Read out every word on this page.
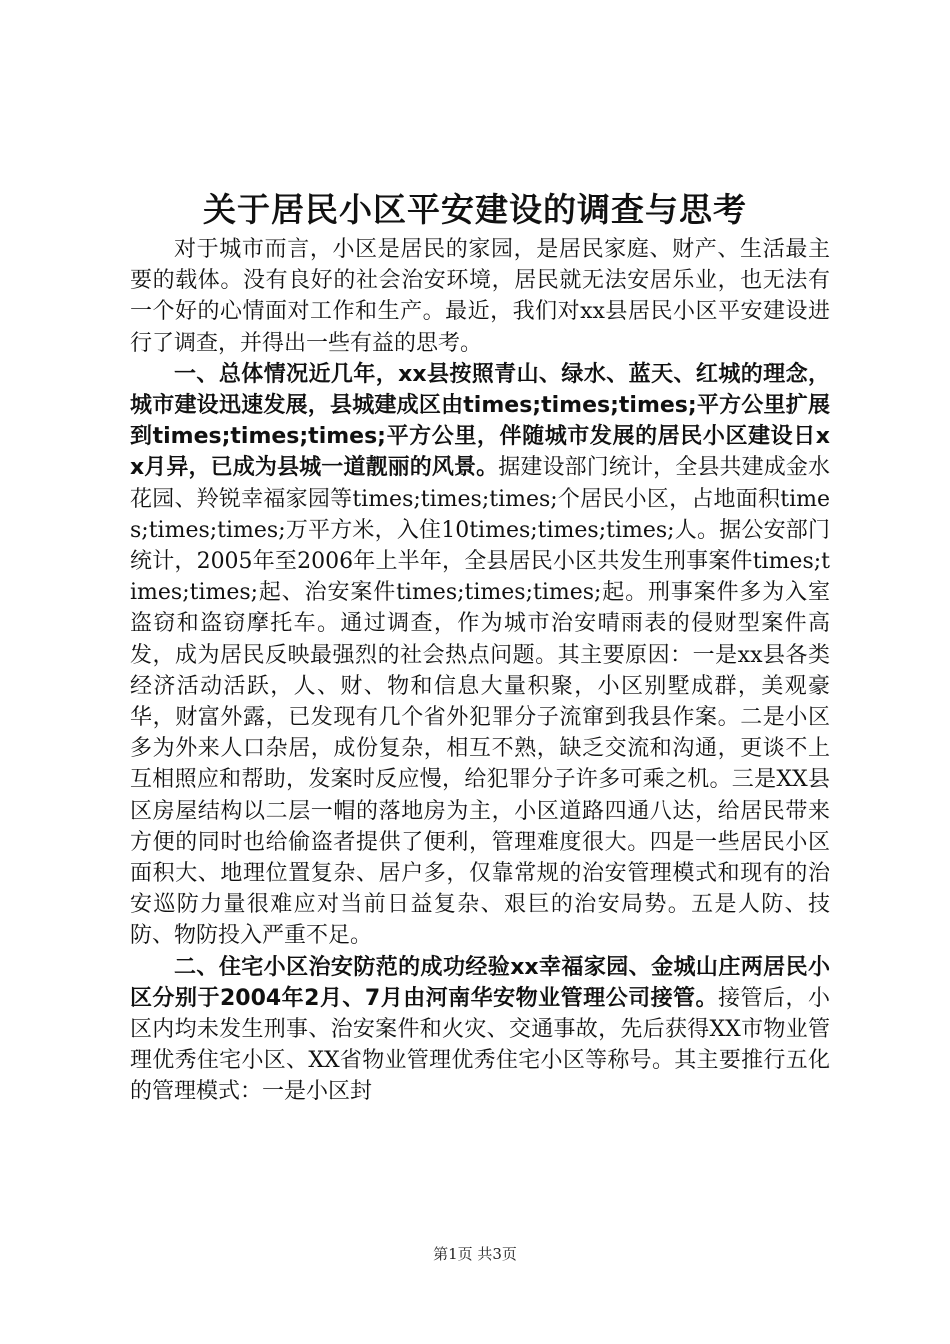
关于居民小区平安建设的调查与思考

对于城市而言，小区是居民的家园，是居民家庭、财产、生活最主要的载体。没有良好的社会治安环境，居民就无法安居乐业，也无法有一个好的心情面对工作和生产。最近，我们对xx县居民小区平安建设进行了调查，并得出一些有益的思考。

一、总体情况近几年，xx县按照青山、绿水、蓝天、红城的理念，城市建设迅速发展，县城建成区由times;times;times;平方公里扩展到times;times;times;平方公里，伴随城市发展的居民小区建设日xx月异，已成为县城一道靓丽的风景。据建设部门统计，全县共建成金水花园、羚锐幸福家园等times;times;times;个居民小区，占地面积times;times;times;万平方米，入住10times;times;times;人。据公安部门统计，2005年至2006年上半年，全县居民小区共发生刑事案件times;times;times;起、治安案件times;times;times;起。刑事案件多为入室盗窃和盗窃摩托车。通过调查，作为城市治安晴雨表的侵财型案件高发，成为居民反映最强烈的社会热点问题。其主要原因：一是xx县各类经济活动活跃，人、财、物和信息大量积聚，小区别墅成群，美观豪华，财富外露，已发现有几个省外犯罪分子流窜到我县作案。二是小区多为外来人口杂居，成份复杂，相互不熟，缺乏交流和沟通，更谈不上互相照应和帮助，发案时反应慢，给犯罪分子许多可乘之机。三是XX县区房屋结构以二层一帽的落地房为主，小区道路四通八达，给居民带来方便的同时也给偷盗者提供了便利，管理难度很大。四是一些居民小区面积大、地理位置复杂、居户多，仅靠常规的治安管理模式和现有的治安巡防力量很难应对当前日益复杂、艰巨的治安局势。五是人防、技防、物防投入严重不足。

二、住宅小区治安防范的成功经验xx幸福家园、金城山庄两居民小区分别于2004年2月、7月由河南华安物业管理公司接管。接管后，小区内均未发生刑事、治安案件和火灾、交通事故，先后获得XX市物业管理优秀住宅小区、XX省物业管理优秀住宅小区等称号。其主要推行五化的管理模式：一是小区封

第1页 共3页
